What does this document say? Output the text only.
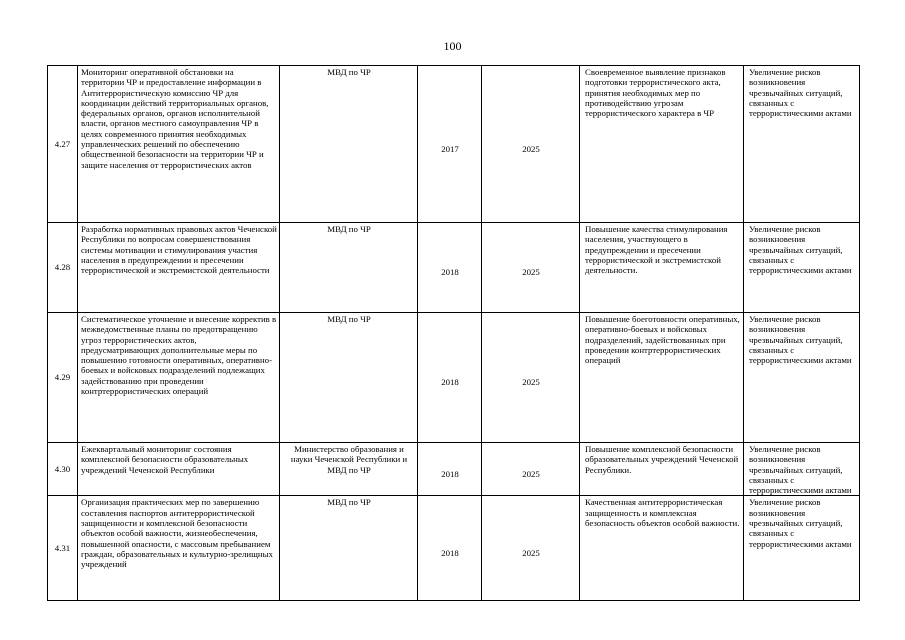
100
4.27	Мониторинг оперативной обстановки на территории ЧР и предоставление информации в Антитеррористическую комиссию ЧР для координации действий территориальных органов, федеральных органов, органов исполнительной власти, органов местного самоуправления ЧР в целях современного принятия необходимых управленческих решений по обеспечению общественной безопасности на территории ЧР и защите населения от террористических актов	МВД по ЧР	2017	2025	Своевременное выявление признаков подготовки террористического акта, принятия необходимых мер по противодействию угрозам террористического характера в ЧР	Увеличение рисков возникновения чрезвычайных ситуаций, связанных с террористическими актами
4.28	Разработка нормативных правовых актов Чеченской Республики по вопросам совершенствования системы мотивации и стимулирования участия населения в предупреждении и пресечении террористической и экстремистской деятельности	МВД по ЧР	2018	2025	Повышение качества стимулирования населения, участвующего в предупреждении и пресечении террористической и экстремистской деятельности.	Увеличение рисков возникновения чрезвычайных ситуаций, связанных с террористическими актами
4.29	Систематическое уточнение и внесение корректив в межведомственные планы по предотвращению угроз террористических актов, предусматривающих дополнительные меры по повышению готовности оперативных, оперативно-боевых и войсковых подразделений подлежащих задействованию при проведении контртеррористических операций	МВД по ЧР	2018	2025	Повышение боеготовности оперативных, оперативно-боевых и войсковых подразделений, задействованных при проведении контртеррористических операций	Увеличение рисков возникновения чрезвычайных ситуаций, связанных с террористическими актами
4.30	Ежеквартальный мониторинг состояния комплексной безопасности образовательных учреждений Чеченской Республики	Министерство образования и науки Чеченской Республики и МВД по ЧР	2018	2025	Повышение комплексной безопасности образовательных учреждений Чеченской Республики.	Увеличение рисков возникновения чрезвычайных ситуаций, связанных с террористическими актами
4.31	Организация практических мер по завершению составления паспортов антитеррористической защищенности и комплексной безопасности объектов особой важности, жизнеобеспечения, повышенной опасности, с массовым пребыванием граждан, образовательных и культурно-зрелищных учреждений	МВД по ЧР	2018	2025	Качественная антитеррористическая защищенность и комплексная безопасность объектов особой важности.	Увеличение рисков возникновения чрезвычайных ситуаций, связанных с террористическими актами
